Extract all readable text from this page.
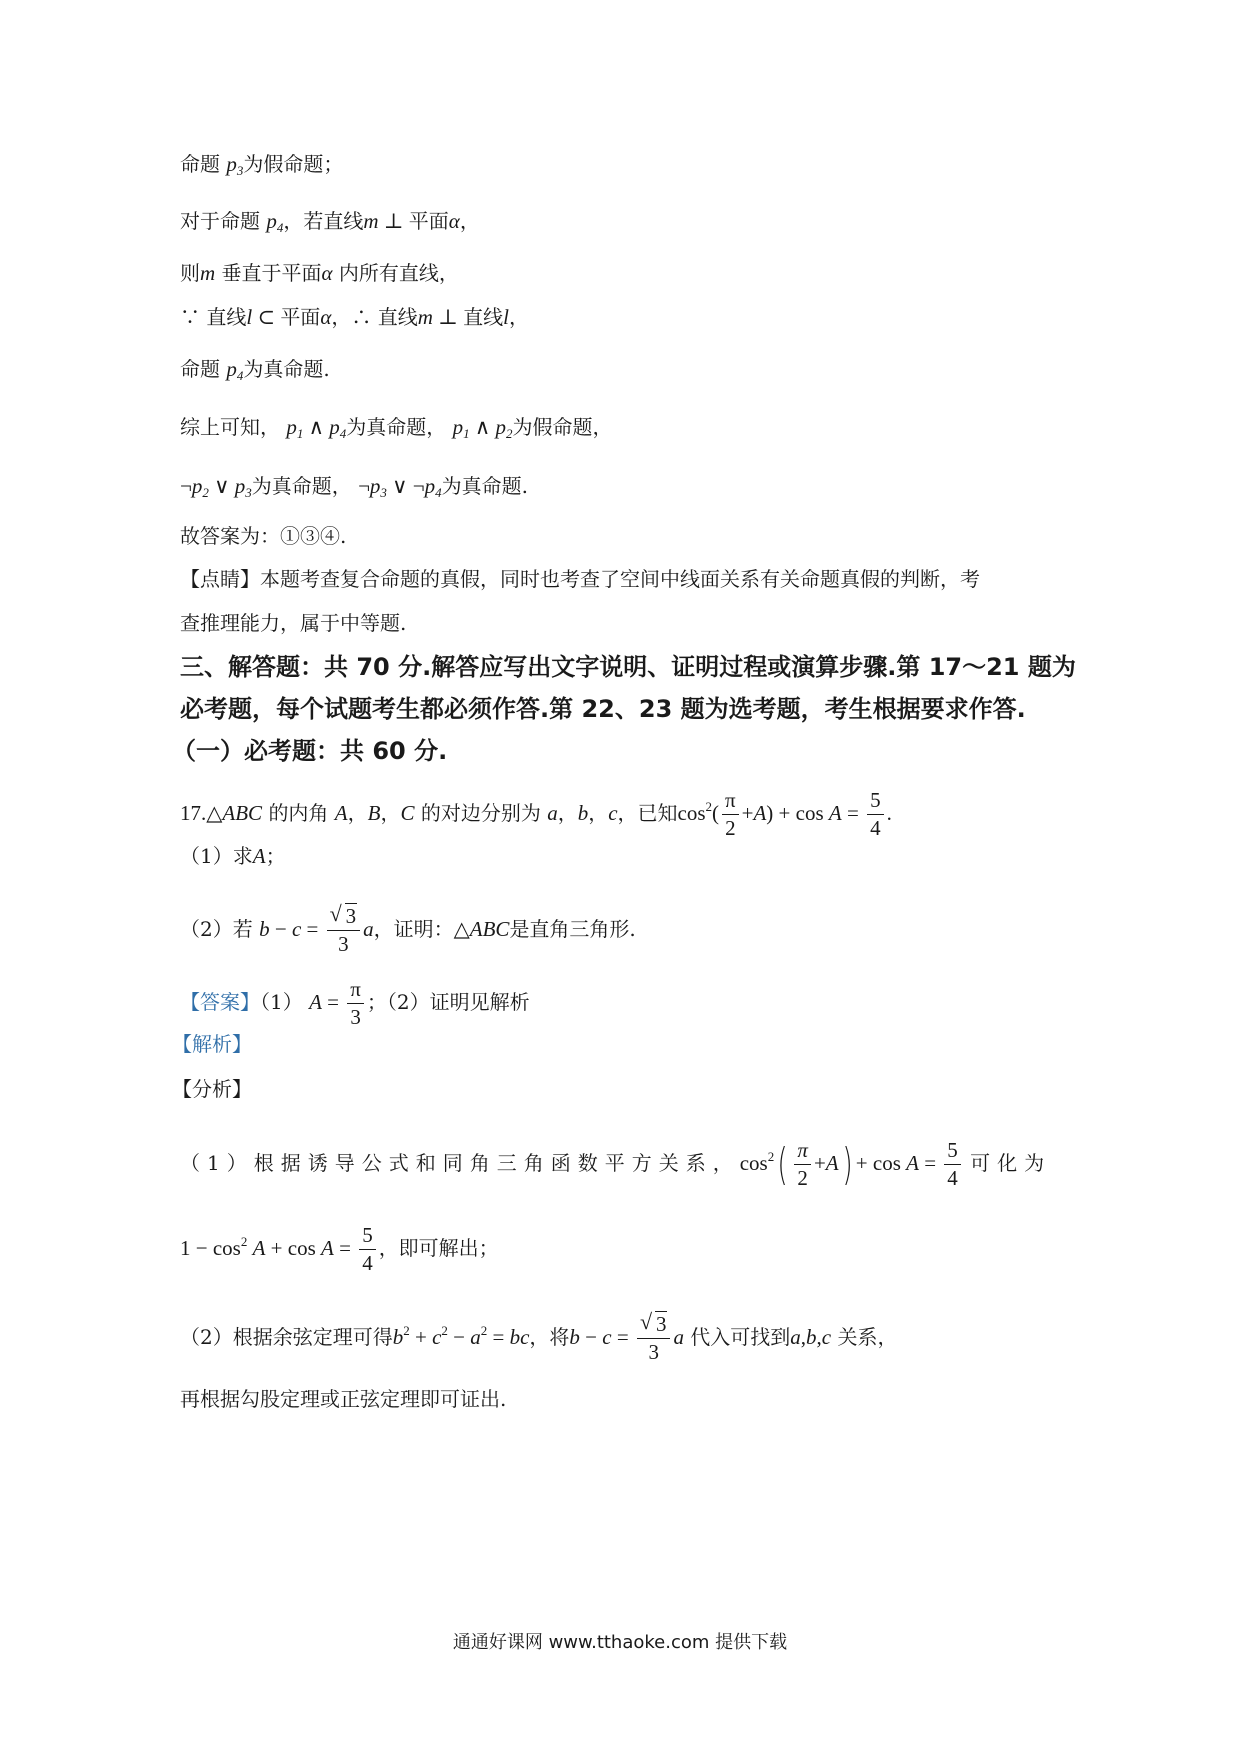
命题 $p_3$为假命题；
对于命题 $p_4$，若直线m ⊥ 平面α，
则m 垂直于平面α 内所有直线，
∵ 直线l ⊂ 平面α，∴ 直线m ⊥ 直线l，
命题 $p_4$为真命题.
综上可知， $p_1$ ∧ $p_4$为真命题， $p_1$ ∧ $p_2$为假命题，
$\neg p_2$ ∨ $p_3$为真命题， $\neg p_3$ ∨ $\neg p_4$为真命题.
故答案为：①③④.
【点睛】本题考查复合命题的真假，同时也考查了空间中线面关系有关命题真假的判断，考
查推理能力，属于中等题.
三、解答题：共 70 分.解答应写出文字说明、证明过程或演算步骤.第 17～21 题为
必考题，每个试题考生都必须作答.第 22、23 题为选考题，考生根据要求作答.
（一）必考题：共 60 分.
17.△ABC 的内角 A，B，C 的对边分别为 a，b，c，已知$\cos^2( \frac{\pi}{2} +A) + \cos A = \frac{5}{4}$ .
（1）求A；
（2）若 b − c = √ $\frac{3}{3}$ a，证明：△ABC是直角三角形.
【答案】（1） $A = \frac{\pi}{3}$ ；（2）证明见解析
【解析】
【分析】
（1）根据诱导公式和同角三角函数平方关系，$\cos^2( \frac{\pi}{2} +A) + \cos A = \frac{5}{4}$ 可化为
$1 - \cos^2 A + \cos A = \frac{5}{4}$ ，即可解出；
（2）根据余弦定理可得$b^2 + c^2 - a^2$ = bc，将b − c = √ $\frac{3}{3}$ a 代入可找到a,b,c 关系，
再根据勾股定理或正弦定理即可证出.
通通好课网 www.tthaoke.com 提供下载
